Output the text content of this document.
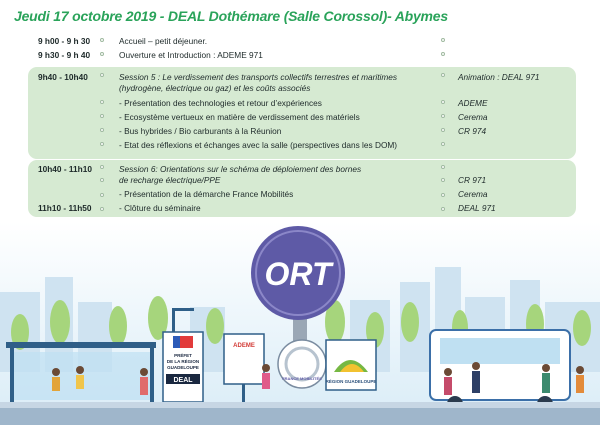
Jeudi 17 octobre 2019 - DEAL Dothémare (Salle Corossol)- Abymes
9 h00 - 9 h 30	Accueil – petit déjeuner.
9 h30 - 9 h 40	Ouverture et Introduction : ADEME 971
9h40 - 10h40	Session 5 : Le verdissement des transports collectifs terrestres et maritimes	Animation : DEAL 971
(hydrogène, électrique ou gaz) et les coûts associés
- Présentation des technologies et retour d’expériences	ADEME
- Ecosystème vertueux en matière de verdissement des matériels	Cerema
- Bus hybrides / Bio carburants à la Réunion	CR 974
- Etat des réflexions et échanges avec la salle (perspectives dans les DOM)
10h40 - 11h10	Session 6: Orientations sur le schéma de déploiement des bornes
de recharge électrique/PPE	CR 971
- Présentation de la démarche France Mobilités	Cerema
11h10 - 11h50	- Clôture du séminaire	DEAL 971
ORT
PRÉFET
DE LA RÉGION
GUADELOUPE
DEAL
ADEME
FRANCE MOBILITÉS
RÉGION GUADELOUPE
